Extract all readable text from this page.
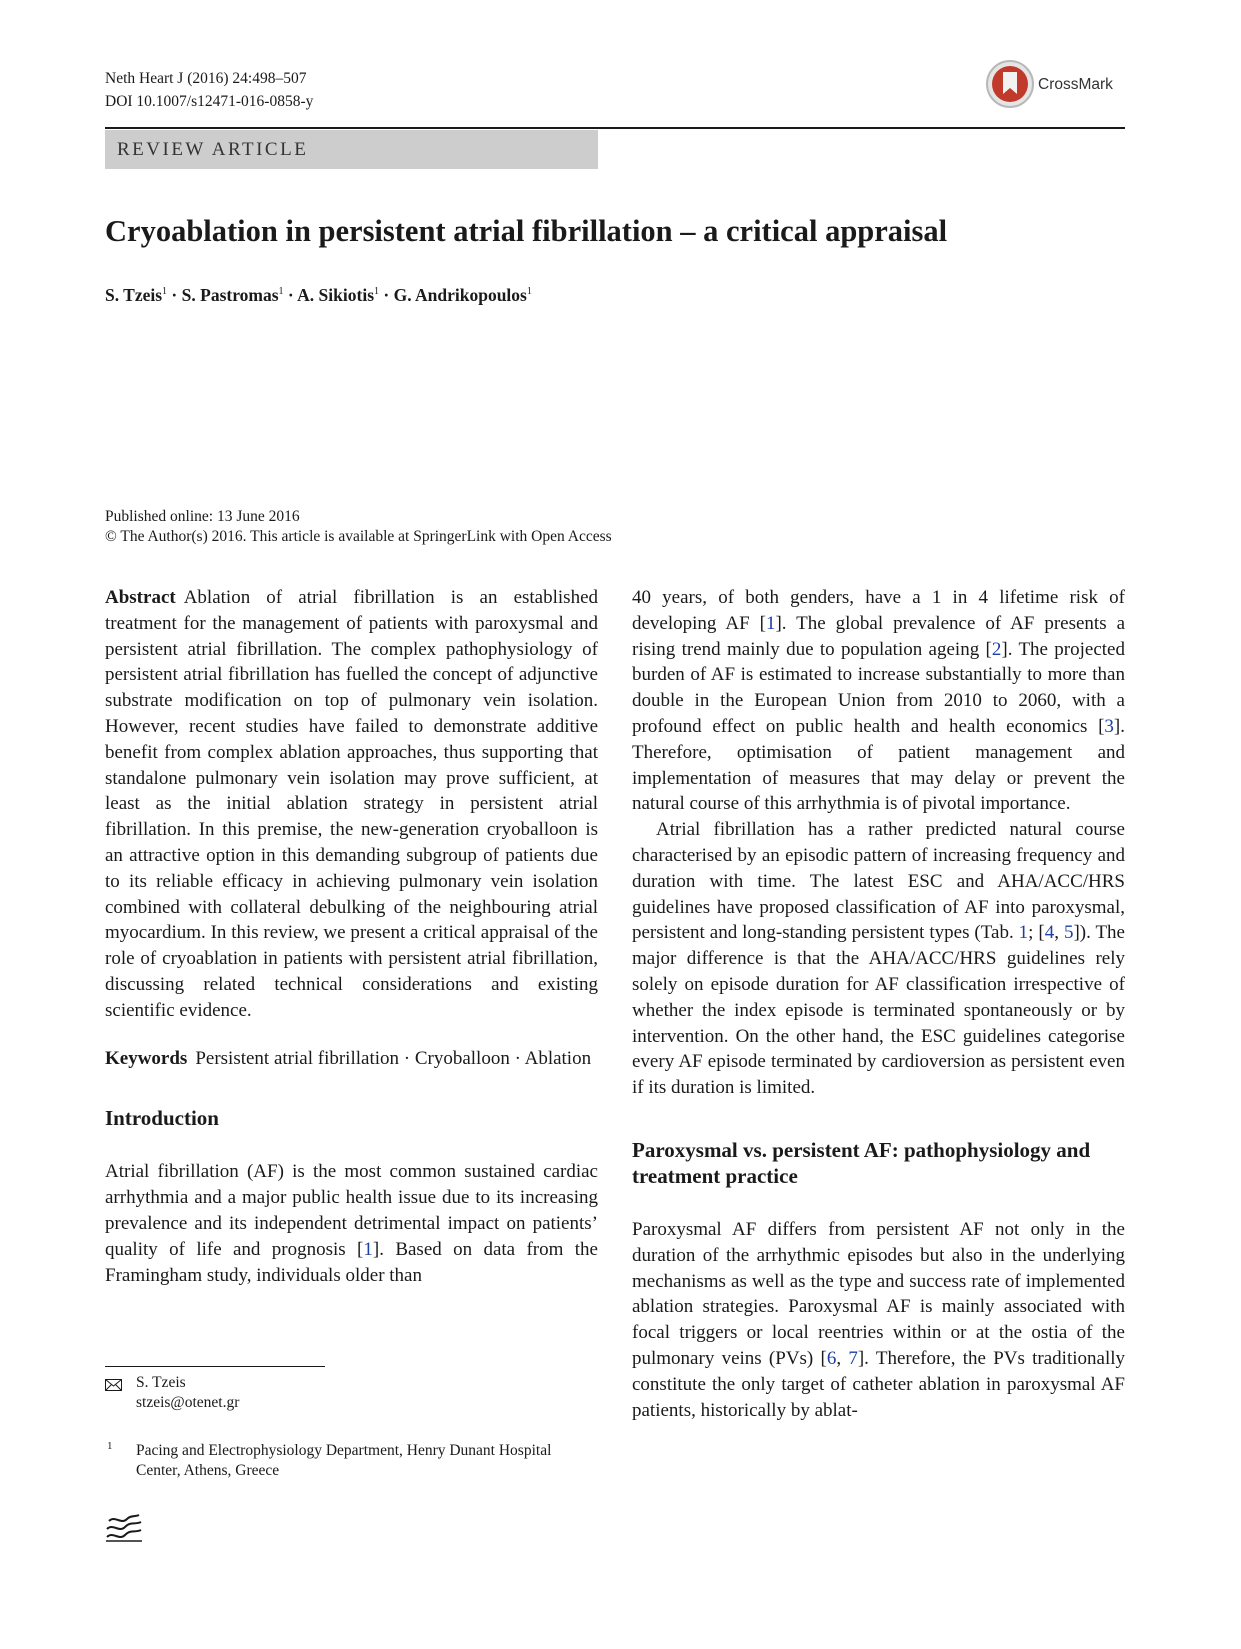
Neth Heart J (2016) 24:498–507
DOI 10.1007/s12471-016-0858-y
CrossMark
REVIEW ARTICLE
Cryoablation in persistent atrial fibrillation – a critical appraisal
S. Tzeis$^1$ · S. Pastromas$^1$ · A. Sikiotis$^1$ · G. Andrikopoulos$^1$
Published online: 13 June 2016
© The Author(s) 2016. This article is available at SpringerLink with Open Access

Abstract Ablation of atrial fibrillation is an established treatment for the management of patients with paroxysmal and persistent atrial fibrillation. The complex pathophysiology of persistent atrial fibrillation has fuelled the concept of adjunctive substrate modification on top of pulmonary vein isolation. However, recent studies have failed to demonstrate additive benefit from complex ablation approaches, thus supporting that standalone pulmonary vein isolation may prove sufficient, at least as the initial ablation strategy in persistent atrial fibrillation. In this premise, the new-generation cryoballoon is an attractive option in this demanding subgroup of patients due to its reliable efficacy in achieving pulmonary vein isolation combined with collateral debulking of the neighbouring atrial myocardium. In this review, we present a critical appraisal of the role of cryoablation in patients with persistent atrial fibrillation, discussing related technical considerations and existing scientific evidence.

Keywords Persistent atrial fibrillation · Cryoballoon · Ablation

Introduction

Atrial fibrillation (AF) is the most common sustained cardiac arrhythmia and a major public health issue due to its increasing prevalence and its independent detrimental impact on patients’ quality of life and prognosis [1]. Based on data from the Framingham study, individuals older than

40 years, of both genders, have a 1 in 4 lifetime risk of developing AF [1]. The global prevalence of AF presents a rising trend mainly due to population ageing [2]. The projected burden of AF is estimated to increase substantially to more than double in the European Union from 2010 to 2060, with a profound effect on public health and health economics [3]. Therefore, optimisation of patient management and implementation of measures that may delay or prevent the natural course of this arrhythmia is of pivotal importance.

Atrial fibrillation has a rather predicted natural course characterised by an episodic pattern of increasing frequency and duration with time. The latest ESC and AHA/ACC/HRS guidelines have proposed classification of AF into paroxysmal, persistent and long-standing persistent types (Tab. 1; [4, 5]). The major difference is that the AHA/ACC/HRS guidelines rely solely on episode duration for AF classification irrespective of whether the index episode is terminated spontaneously or by intervention. On the other hand, the ESC guidelines categorise every AF episode terminated by cardioversion as persistent even if its duration is limited.

Paroxysmal vs. persistent AF: pathophysiology and treatment practice

Paroxysmal AF differs from persistent AF not only in the duration of the arrhythmic episodes but also in the underlying mechanisms as well as the type and success rate of implemented ablation strategies. Paroxysmal AF is mainly associated with focal triggers or local reentries within or at the ostia of the pulmonary veins (PVs) [6, 7]. Therefore, the PVs traditionally constitute the only target of catheter ablation in paroxysmal AF patients, historically by ablat-

S. Tzeis
stzeis@otenet.gr
1 Pacing and Electrophysiology Department, Henry Dunant Hospital Center, Athens, Greece
